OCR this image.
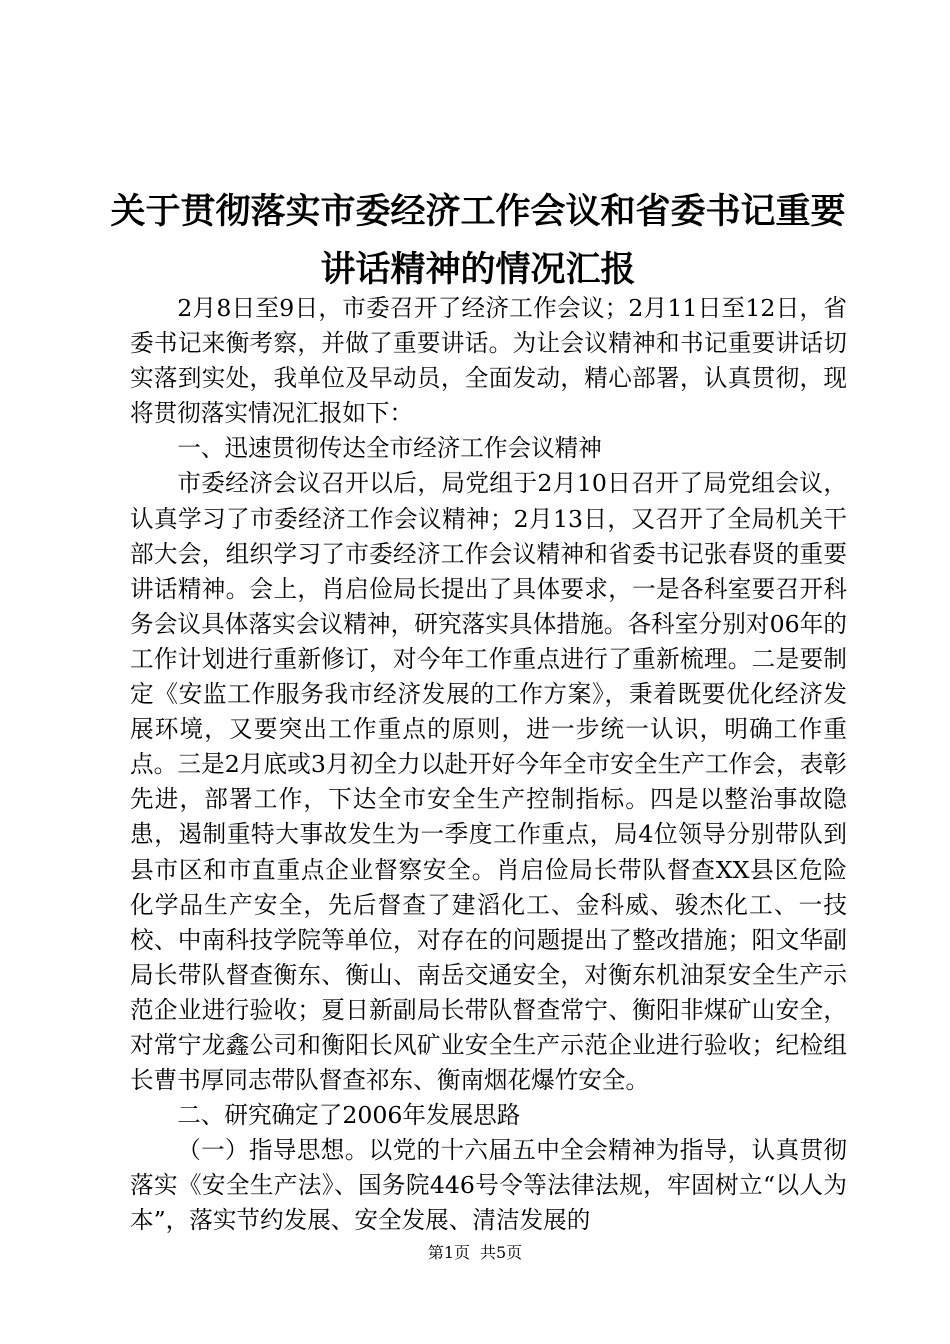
关于贯彻落实市委经济工作会议和省委书记重要讲话精神的情况汇报

2月8日至9日，市委召开了经济工作会议；2月11日至12日，省委书记来衡考察，并做了重要讲话。为让会议精神和书记重要讲话切实落到实处，我单位及早动员，全面发动，精心部署，认真贯彻，现将贯彻落实情况汇报如下：

一、迅速贯彻传达全市经济工作会议精神

市委经济会议召开以后，局党组于2月10日召开了局党组会议，认真学习了市委经济工作会议精神；2月13日，又召开了全局机关干部大会，组织学习了市委经济工作会议精神和省委书记张春贤的重要讲话精神。会上，肖启俭局长提出了具体要求，一是各科室要召开科务会议具体落实会议精神，研究落实具体措施。各科室分别对06年的工作计划进行重新修订，对今年工作重点进行了重新梳理。二是要制定《安监工作服务我市经济发展的工作方案》，秉着既要优化经济发展环境，又要突出工作重点的原则，进一步统一认识，明确工作重点。三是2月底或3月初全力以赴开好今年全市安全生产工作会，表彰先进，部署工作，下达全市安全生产控制指标。四是以整治事故隐患，遏制重特大事故发生为一季度工作重点，局4位领导分别带队到县市区和市直重点企业督察安全。肖启俭局长带队督查XX县区危险化学品生产安全，先后督查了建滔化工、金科威、骏杰化工、一技校、中南科技学院等单位，对存在的问题提出了整改措施；阳文华副局长带队督查衡东、衡山、南岳交通安全，对衡东机油泵安全生产示范企业进行验收；夏日新副局长带队督查常宁、衡阳非煤矿山安全，对常宁龙鑫公司和衡阳长风矿业安全生产示范企业进行验收；纪检组长曹书厚同志带队督查祁东、衡南烟花爆竹安全。

二、研究确定了2006年发展思路

（一）指导思想。以党的十六届五中全会精神为指导，认真贯彻落实《安全生产法》、国务院446号令等法律法规，牢固树立“以人为本”，落实节约发展、安全发展、清洁发展的

第1页 共5页
